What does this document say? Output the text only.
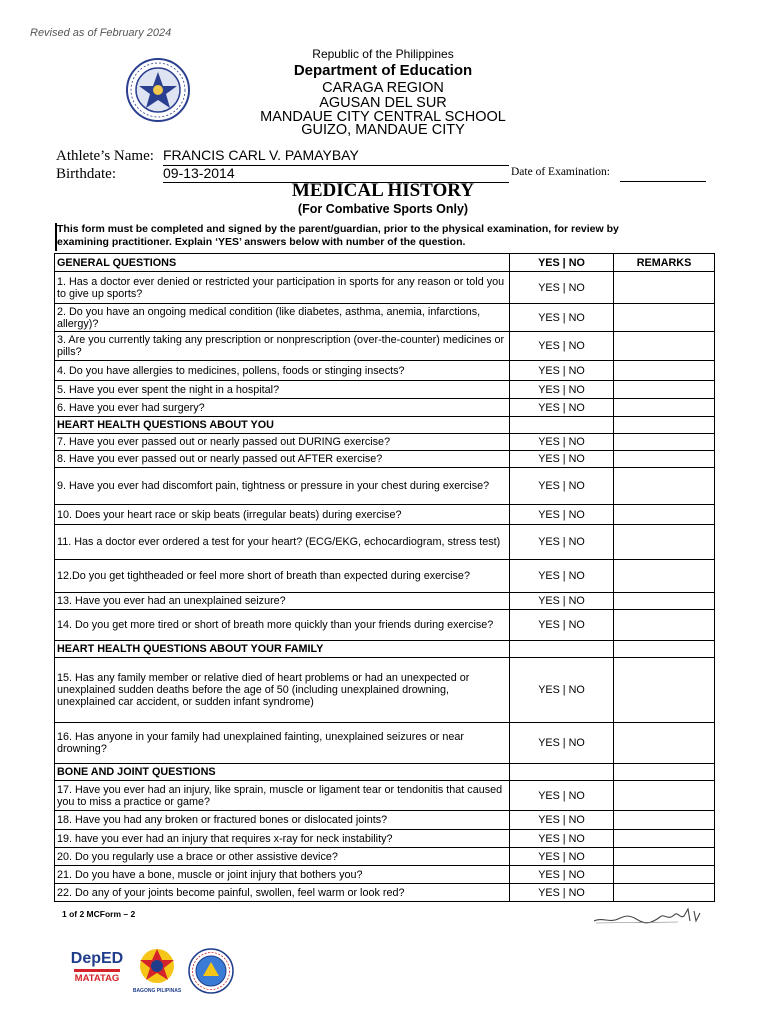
Revised as of February 2024
Republic of the Philippines
Department of Education
CARAGA REGION
AGUSAN DEL SUR
MANDAUE CITY CENTRAL SCHOOL
GUIZO, MANDAUE CITY
Athlete’s Name: FRANCIS CARL V. PAMAYBAY
Birthdate:	09-13-2014	Date of Examination:
MEDICAL HISTORY
(For Combative Sports Only)
This form must be completed and signed by the parent/guardian, prior to the physical examination, for review by examining practitioner. Explain ‘YES’ answers below with number of the question.
GENERAL QUESTIONS	YES | NO	REMARKS
1. Has a doctor ever denied or restricted your participation in sports for any reason or told you to give up sports?	YES | NO	
2. Do you have an ongoing medical condition (like diabetes, asthma, anemia, infarctions, allergy)?	YES | NO	
3. Are you currently taking any prescription or nonprescription (over-the-counter) medicines or pills?	YES | NO	
4. Do you have allergies to medicines, pollens, foods or stinging insects?	YES | NO	
5. Have you ever spent the night in a hospital?	YES | NO	
6. Have you ever had surgery?	YES | NO	
HEART HEALTH QUESTIONS ABOUT YOU		
7. Have you ever passed out or nearly passed out DURING exercise?	YES | NO	
8. Have you ever passed out or nearly passed out AFTER exercise?	YES | NO	
9. Have you ever had discomfort pain, tightness or pressure in your chest during exercise?	YES | NO	
10. Does your heart race or skip beats (irregular beats) during exercise?	YES | NO	
11. Has a doctor ever ordered a test for your heart? (ECG/EKG, echocardiogram, stress test)	YES | NO	
12.Do you get tightheaded or feel more short of breath than expected during exercise?	YES | NO	
13. Have you ever had an unexplained seizure?	YES | NO	
14. Do you get more tired or short of breath more quickly than your friends during exercise?	YES | NO	
HEART HEALTH QUESTIONS ABOUT YOUR FAMILY		
15. Has any family member or relative died of heart problems or had an unexpected or unexplained sudden deaths before the age of 50 (including unexplained drowning, unexplained car accident, or sudden infant syndrome)	YES | NO	
16. Has anyone in your family had unexplained fainting, unexplained seizures or near drowning?	YES | NO	
BONE AND JOINT QUESTIONS		
17. Have you ever had an injury, like sprain, muscle or ligament tear or tendonitis that caused you to miss a practice or game?	YES | NO	
18. Have you had any broken or fractured bones or dislocated joints?	YES | NO	
19. have you ever had an injury that requires x-ray for neck instability?	YES | NO	
20. Do you regularly use a brace or other assistive device?	YES | NO	
21. Do you have a bone, muscle or joint injury that bothers you?	YES | NO	
22. Do any of your joints become painful, swollen, feel warm or look red?	YES | NO	
1 of 2 MCForm – 2
DepED
MATATAG
BAGONG PILIPINAS
